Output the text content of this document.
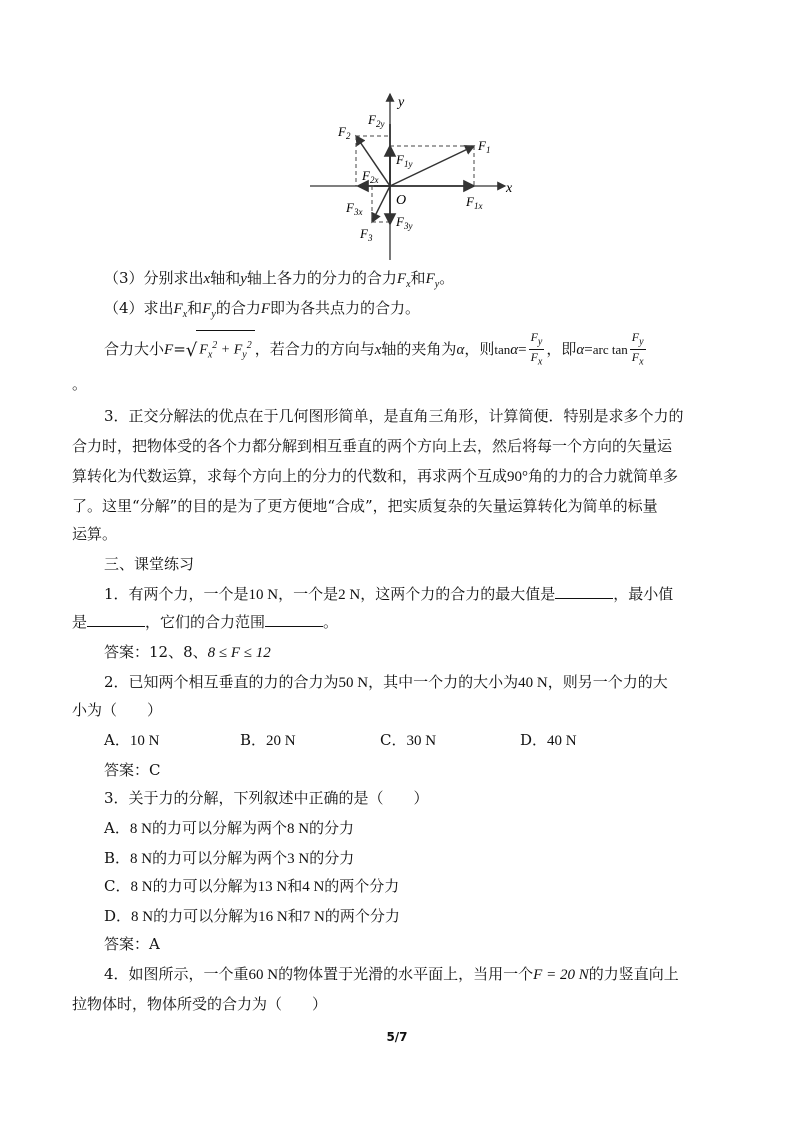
y
x
O
$F_1$
$F_{1x}$
$F_{1y}$
$F_2$
$F_{2x}$
$F_{2y}$
$F_3$
$F_{3x}$
$F_{3y}$
（3）分别求出x轴和y轴上各力的分力的合力$F_x$和$F_y$。
（4）求出$F_x$和$F_y$的合力F即为各共点力的合力。
合力大小F=√ $F_x^2 + F_y^2$ ，若合力的方向与x轴的夹角为α，则$\tan\alpha= \frac{F_y}{F_x}$ ，即α=arc $\tan \frac{F_y}{F_x}$
。
3．正交分解法的优点在于几何图形简单，是直角三角形，计算简便．特别是求多个力的
合力时，把物体受的各个力都分解到相互垂直的两个方向上去，然后将每一个方向的矢量运
算转化为代数运算，求每个方向上的分力的代数和，再求两个互成90°角的力的合力就简单多
了。这里“分解”的目的是为了更方便地“合成”，把实质复杂的矢量运算转化为简单的标量
运算。
三、课堂练习
1．有两个力，一个是10 N，一个是2 N，这两个力的合力的最大值是	，最小值
是	，它们的合力范围	。
答案：12、8、8 ≤ F ≤ 12
2．已知两个相互垂直的力的合力为50 N，其中一个力的大小为40 N，则另一个力的大
小为（　　）
A．10 N	B．20 N	C．30 N	D．40 N
答案：C
3．关于力的分解，下列叙述中正确的是（　　）
A．8 N的力可以分解为两个8 N的分力
B．8 N的力可以分解为两个3 N的分力
C．8 N的力可以分解为13 N和4 N的两个分力
D．8 N的力可以分解为16 N和7 N的两个分力
答案：A
4．如图所示，一个重60 N的物体置于光滑的水平面上，当用一个F = 20 N的力竖直向上
拉物体时，物体所受的合力为（　　）
5/7
